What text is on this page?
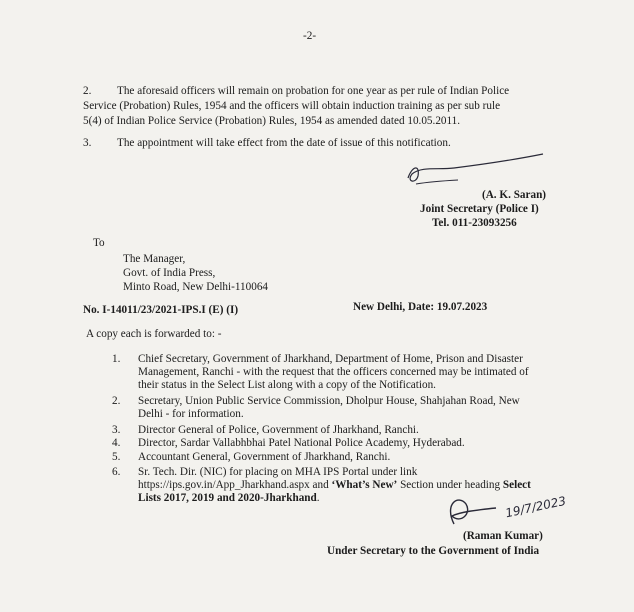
-2-
2. The aforesaid officers will remain on probation for one year as per rule of Indian Police
Service (Probation) Rules, 1954 and the officers will obtain induction training as per sub rule
5(4) of Indian Police Service (Probation) Rules, 1954 as amended dated 10.05.2011.
3. The appointment will take effect from the date of issue of this notification.
(A. K. Saran)
Joint Secretary (Police I)
Tel. 011-23093256
To
The Manager,
Govt. of India Press,
Minto Road, New Delhi-110064
No. I-14011/23/2021-IPS.I (E) (I)	New Delhi, Date: 19.07.2023
A copy each is forwarded to: -
1. Chief Secretary, Government of Jharkhand, Department of Home, Prison and Disaster
Management, Ranchi - with the request that the officers concerned may be intimated of
their status in the Select List along with a copy of the Notification.
2. Secretary, Union Public Service Commission, Dholpur House, Shahjahan Road, New
Delhi - for information.
3. Director General of Police, Government of Jharkhand, Ranchi.
4. Director, Sardar Vallabhbhai Patel National Police Academy, Hyderabad.
5. Accountant General, Government of Jharkhand, Ranchi.
6. Sr. Tech. Dir. (NIC) for placing on MHA IPS Portal under link
https://ips.gov.in/App_Jharkhand.aspx and ‘What’s New’ Section under heading Select
Lists 2017, 2019 and 2020-Jharkhand.	19/7/2023
(Raman Kumar)
Under Secretary to the Government of India
